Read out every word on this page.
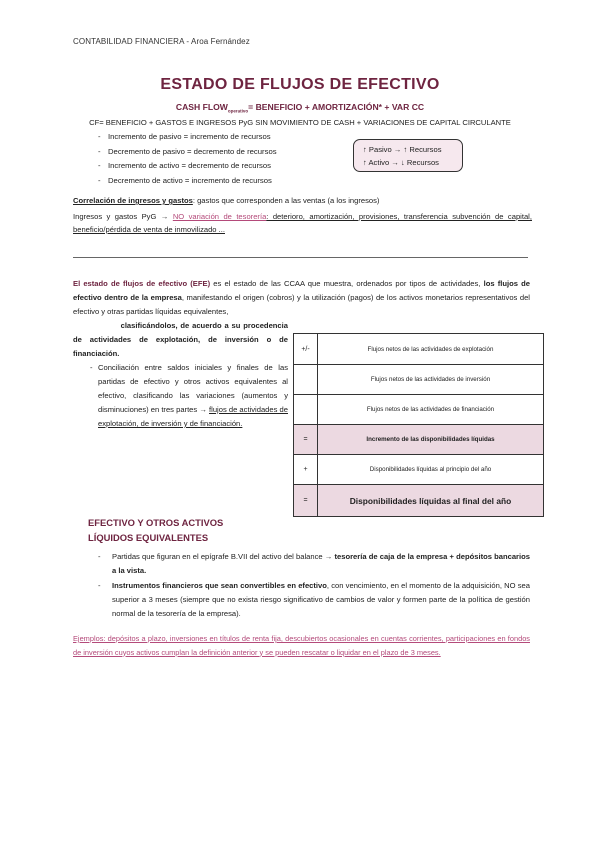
CONTABILIDAD FINANCIERA - Aroa Fernández
ESTADO DE FLUJOS DE EFECTIVO
CASH $FLOW_{operativo}=$ BENEFICIO + AMORTIZACIÓN* + VAR CC
CF= BENEFICIO + GASTOS E INGRESOS PyG SIN MOVIMIENTO DE CASH + VARIACIONES DE CAPITAL CIRCULANTE
- Incremento de pasivo = incremento de recursos
- Decremento de pasivo = decremento de recursos
- Incremento de activo = decremento de recursos
- Decremento de activo = incremento de recursos
↑ Pasivo → ↑ Recursos
↑ Activo → ↓ Recursos
Correlación de ingresos y gastos: gastos que corresponden a las ventas (a los ingresos)
Ingresos y gastos PyG → NO variación de tesorería: deterioro, amortización, provisiones, transferencia subvención de capital, beneficio/pérdida de venta de inmovilizado ...
El estado de flujos de efectivo (EFE) es el estado de las CCAA que muestra, ordenados por tipos de actividades, los flujos de efectivo dentro de la empresa, manifestando el origen (cobros) y la utilización (pagos) de los activos monetarios representativos del efectivo y otras partidas líquidas equivalentes,
clasificándolos, de acuerdo a su procedencia de actividades de explotación, de inversión o de financiación.
- Conciliación entre saldos iniciales y finales de las partidas de efectivo y otros activos equivalentes al efectivo, clasificando las variaciones (aumentos y disminuciones) en tres partes → flujos de actividades de explotación, de inversión y de financiación.
+/-	Flujos netos de las actividades de explotación
	Flujos netos de las actividades de inversión
	Flujos netos de las actividades de financiación
=	Incremento de las disponibilidades líquidas
+	Disponibilidades líquidas al principio del año
=	Disponibilidades líquidas al final del año
EFECTIVO Y OTROS ACTIVOS
LÍQUIDOS EQUIVALENTES
- Partidas que figuran en el epígrafe B.VII del activo del balance → tesorería de caja de la empresa + depósitos bancarios a la vista.
- Instrumentos financieros que sean convertibles en efectivo, con vencimiento, en el momento de la adquisición, NO sea superior a 3 meses (siempre que no exista riesgo significativo de cambios de valor y formen parte de la política de gestión normal de la tesorería de la empresa).
Ejemplos: depósitos a plazo, inversiones en títulos de renta fija, descubiertos ocasionales en cuentas corrientes, participaciones en fondos de inversión cuyos activos cumplan la definición anterior y se pueden rescatar o liquidar en el plazo de 3 meses.
